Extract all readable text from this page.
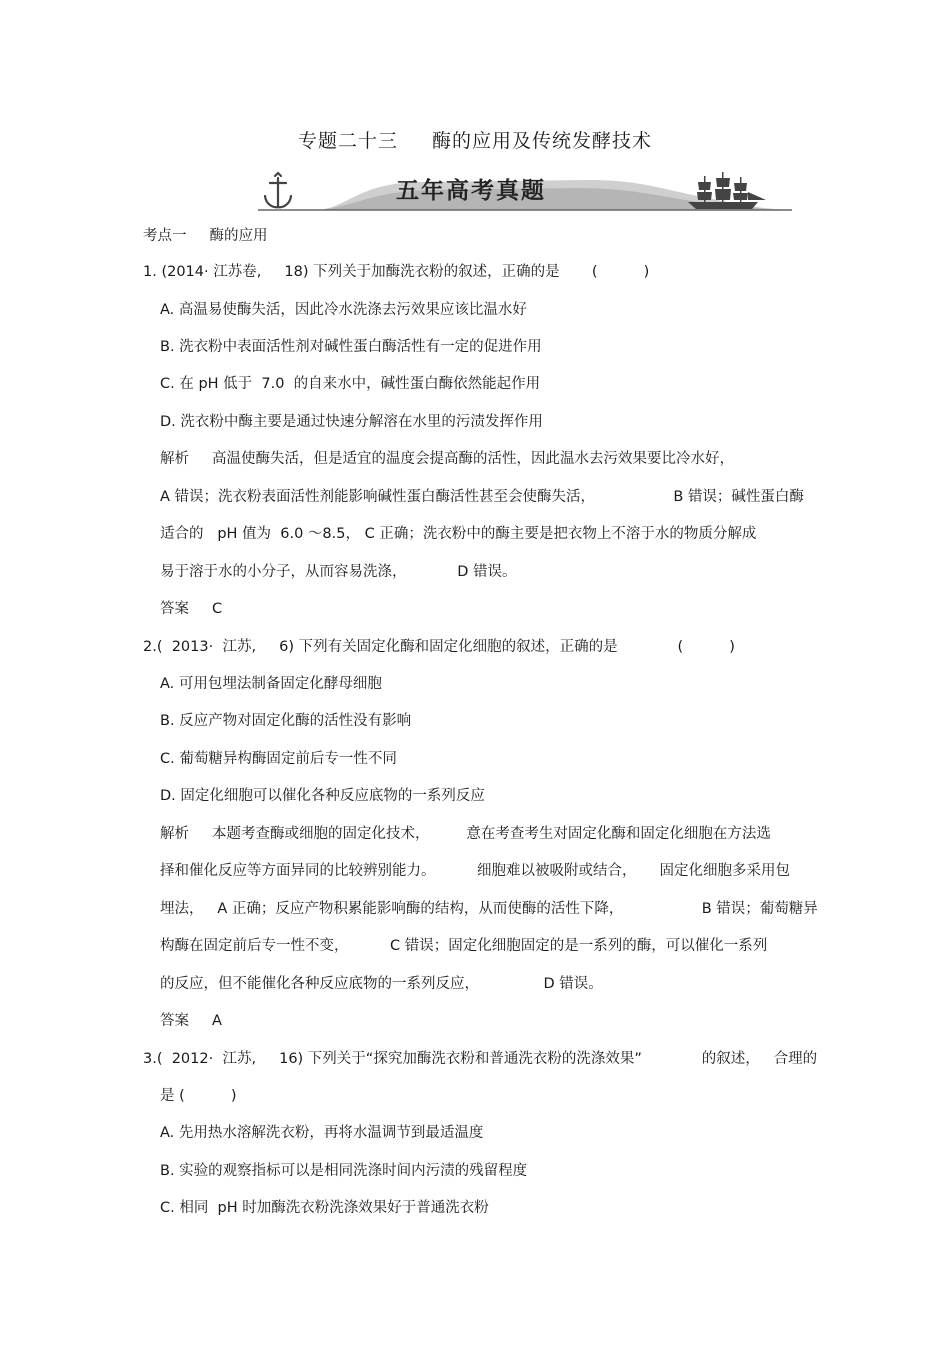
专题二十三 酶的应用及传统发酵技术
五年高考真题
考点一     酶的应用
1. (2014· 江苏卷,     18) 下列关于加酶洗衣粉的叙述，正确的是       (          )
A. 高温易使酶失活，因此冷水洗涤去污效果应该比温水好
B. 洗衣粉中表面活性剂对碱性蛋白酶活性有一定的促进作用
C. 在 pH 低于  7.0  的自来水中，碱性蛋白酶依然能起作用
D. 洗衣粉中酶主要是通过快速分解溶在水里的污渍发挥作用
解析     高温使酶失活，但是适宜的温度会提高酶的活性，因此温水去污效果要比冷水好，
A 错误；洗衣粉表面活性剂能影响碱性蛋白酶活性甚至会使酶失活，                 B 错误；碱性蛋白酶
适合的   pH 值为  6.0 ～8.5， C 正确；洗衣粉中的酶主要是把衣物上不溶于水的物质分解成
易于溶于水的小分子，从而容易洗涤，           D 错误。
答案     C
2.(  2013·  江苏,     6) 下列有关固定化酶和固定化细胞的叙述，正确的是             (          )
A. 可用包埋法制备固定化酵母细胞
B. 反应产物对固定化酶的活性没有影响
C. 葡萄糖异构酶固定前后专一性不同
D. 固定化细胞可以催化各种反应底物的一系列反应
解析     本题考查酶或细胞的固定化技术，        意在考查考生对固定化酶和固定化细胞在方法选
择和催化反应等方面异同的比较辨别能力。         细胞难以被吸附或结合，     固定化细胞多采用包
埋法，   A 正确；反应产物积累能影响酶的结构，从而使酶的活性下降，                 B 错误；葡萄糖异
构酶在固定前后专一性不变，         C 错误；固定化细胞固定的是一系列的酶，可以催化一系列
的反应，但不能催化各种反应底物的一系列反应，              D 错误。
答案     A
3.(  2012·  江苏,     16) 下列关于“探究加酶洗衣粉和普通洗衣粉的洗涤效果”             的叙述，   合理的
是 (          )
A. 先用热水溶解洗衣粉，再将水温调节到最适温度
B. 实验的观察指标可以是相同洗涤时间内污渍的残留程度
C. 相同  pH 时加酶洗衣粉洗涤效果好于普通洗衣粉
